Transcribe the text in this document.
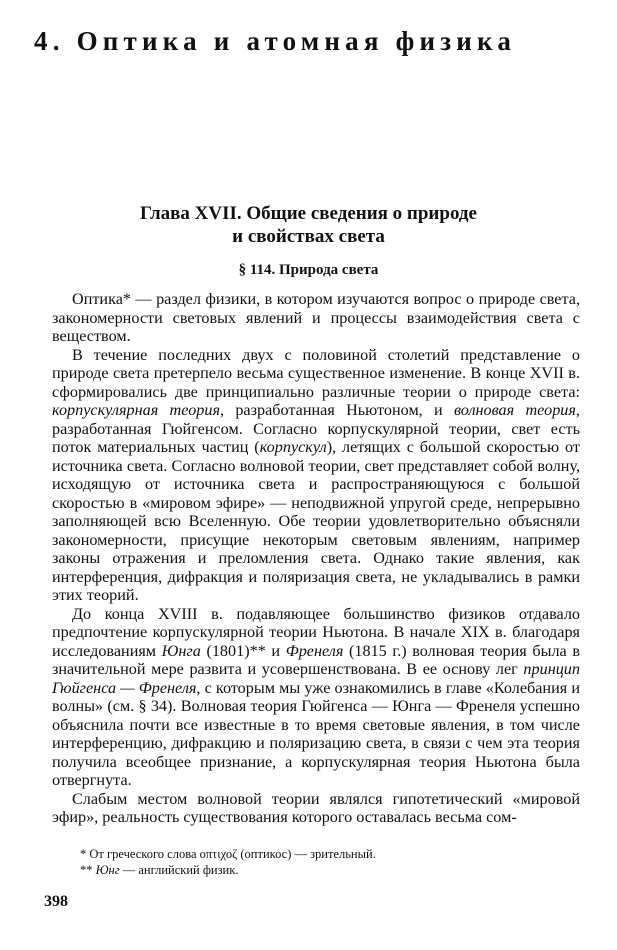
4. Оптика и атомная физика
Глава XVII. Общие сведения о природе
и свойствах света
§ 114. Природа света

Оптика* — раздел физики, в котором изучаются вопрос о природе света, закономерности световых явлений и процессы взаимодействия света с веществом.

В течение последних двух с половиной столетий представление о природе света претерпело весьма существенное изменение. В конце XVII в. сформировались две принципиально различные теории о природе света: корпускулярная теория, разработанная Ньютоном, и волновая теория, разработанная Гюйгенсом. Согласно корпускулярной теории, свет есть поток материальных частиц (корпускул), летящих с большой скоростью от источника света. Согласно волновой теории, свет представляет собой волну, исходящую от источника света и распространяющуюся с большой скоростью в «мировом эфире» — неподвижной упругой среде, непрерывно заполняющей всю Вселенную. Обе теории удовлетворительно объясняли закономерности, присущие некоторым световым явлениям, например законы отражения и преломления света. Однако такие явления, как интерференция, дифракция и поляризация света, не укладывались в рамки этих теорий.

До конца XVIII в. подавляющее большинство физиков отдавало предпочтение корпускулярной теории Ньютона. В начале XIX в. благодаря исследованиям Юнга (1801)** и Френеля (1815 г.) волновая теория была в значительной мере развита и усовершенствована. В ее основу лег принцип Гюйгенса — Френеля, с которым мы уже ознакомились в главе «Колебания и волны» (см. § 34). Волновая теория Гюйгенса — Юнга — Френеля успешно объяснила почти все известные в то время световые явления, в том числе интерференцию, дифракцию и поляризацию света, в связи с чем эта теория получила всеобщее признание, а корпускулярная теория Ньютона была отвергнута.

Слабым местом волновой теории являлся гипотетический «мировой эфир», реальность существования которого оставалась весьма сом-

* От греческого слова οπτιχοζ (оптикос) — зрительный.
** Юнг — английский физик.
398
